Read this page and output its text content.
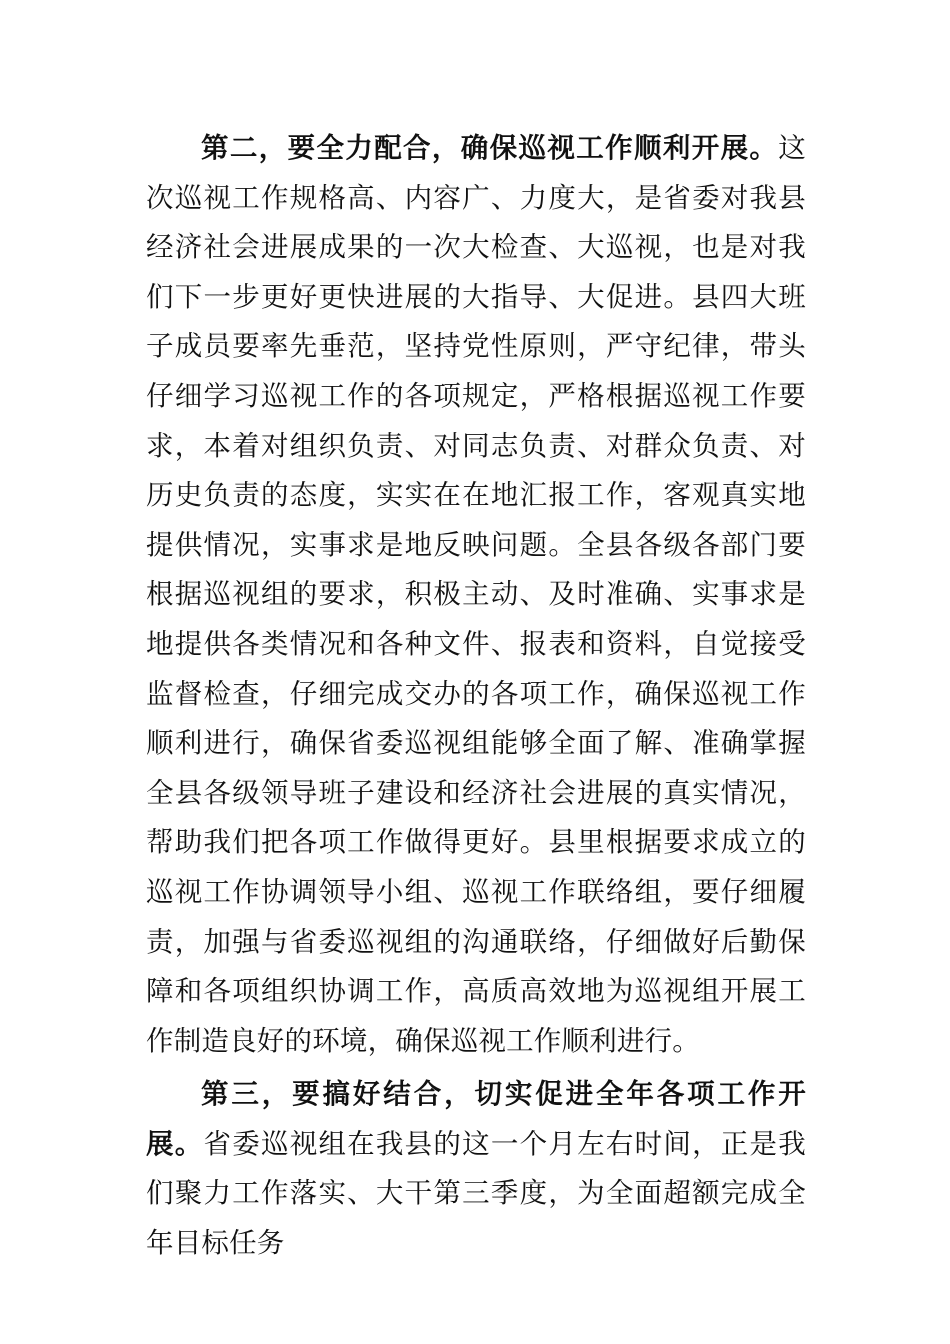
第二，要全力配合，确保巡视工作顺利开展。这次巡视工作规格高、内容广、力度大，是省委对我县经济社会进展成果的一次大检查、大巡视，也是对我们下一步更好更快进展的大指导、大促进。县四大班子成员要率先垂范，坚持党性原则，严守纪律，带头仔细学习巡视工作的各项规定，严格根据巡视工作要求，本着对组织负责、对同志负责、对群众负责、对历史负责的态度，实实在在地汇报工作，客观真实地提供情况，实事求是地反映问题。全县各级各部门要根据巡视组的要求，积极主动、及时准确、实事求是地提供各类情况和各种文件、报表和资料，自觉接受监督检查，仔细完成交办的各项工作，确保巡视工作顺利进行，确保省委巡视组能够全面了解、准确掌握全县各级领导班子建设和经济社会进展的真实情况，帮助我们把各项工作做得更好。县里根据要求成立的巡视工作协调领导小组、巡视工作联络组，要仔细履责，加强与省委巡视组的沟通联络，仔细做好后勤保障和各项组织协调工作，高质高效地为巡视组开展工作制造良好的环境，确保巡视工作顺利进行。

第三，要搞好结合，切实促进全年各项工作开展。省委巡视组在我县的这一个月左右时间，正是我们聚力工作落实、大干第三季度，为全面超额完成全年目标任务
